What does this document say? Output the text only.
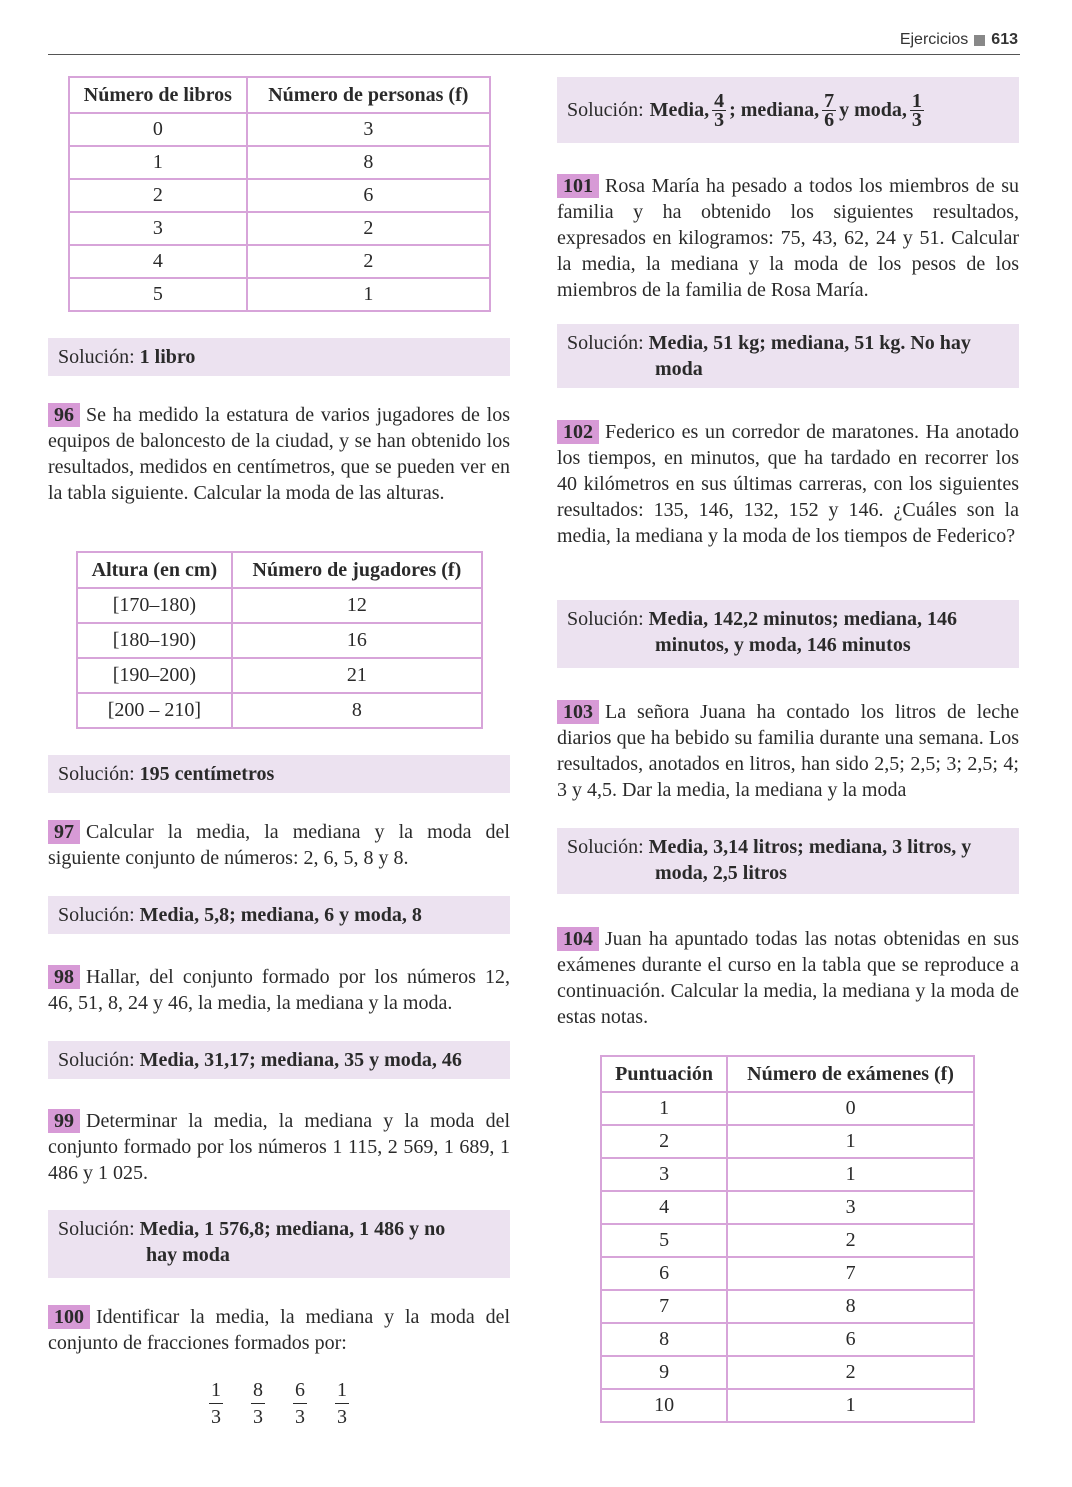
Ejercicios 613
Número de libros	Número de personas (f)
0	3
1	8
2	6
3	2
4	2
5	1
Solución: 1 libro
96 Se ha medido la estatura de varios jugadores de los equipos de baloncesto de la ciudad, y se han obtenido los resultados, medidos en centímetros, que se pueden ver en la tabla siguiente. Calcular la moda de las alturas.
Altura (en cm)	Número de jugadores (f)
[170–180)	12
[180–190)	16
[190–200)	21
[200 – 210]	8
Solución: 195 centímetros
97 Calcular la media, la mediana y la moda del siguiente conjunto de números: 2, 6, 5, 8 y 8.
Solución: Media, 5,8; mediana, 6 y moda, 8
98 Hallar, del conjunto formado por los números 12, 46, 51, 8, 24 y 46, la media, la mediana y la moda.
Solución: Media, 31,17; mediana, 35 y moda, 46
99 Determinar la media, la mediana y la moda del conjunto formado por los números 1 115, 2 569, 1 689, 1 486 y 1 025.
Solución: Media, 1 576,8; mediana, 1 486 y no
hay moda
100 Identificar la media, la mediana y la moda del conjunto de fracciones formados por:
$\frac{1}{3} \frac{8}{3} \frac{6}{3} \frac{1}{3}$
Solución: Media, $\frac{4}{3}$ ; mediana, $\frac{7}{6}$ y moda, $\frac{1}{3}$
101 Rosa María ha pesado a todos los miembros de su familia y ha obtenido los siguientes resultados, expresados en kilogramos: 75, 43, 62, 24 y 51. Calcular la media, la mediana y la moda de los pesos de los miembros de la familia de Rosa María.
Solución: Media, 51 kg; mediana, 51 kg. No hay
moda
102 Federico es un corredor de maratones. Ha anotado los tiempos, en minutos, que ha tardado en recorrer los 40 kilómetros en sus últimas carreras, con los siguientes resultados: 135, 146, 132, 152 y 146. ¿Cuáles son la media, la mediana y la moda de los tiempos de Federico?
Solución: Media, 142,2 minutos; mediana, 146
minutos, y moda, 146 minutos
103 La señora Juana ha contado los litros de leche diarios que ha bebido su familia durante una semana. Los resultados, anotados en litros, han sido 2,5; 2,5; 3; 2,5; 4; 3 y 4,5. Dar la media, la mediana y la moda
Solución: Media, 3,14 litros; mediana, 3 litros, y
moda, 2,5 litros
104 Juan ha apuntado todas las notas obtenidas en sus exámenes durante el curso en la tabla que se reproduce a continuación. Calcular la media, la mediana y la moda de estas notas.
Puntuación	Número de exámenes (f)
1	0
2	1
3	1
4	3
5	2
6	7
7	8
8	6
9	2
10	1
